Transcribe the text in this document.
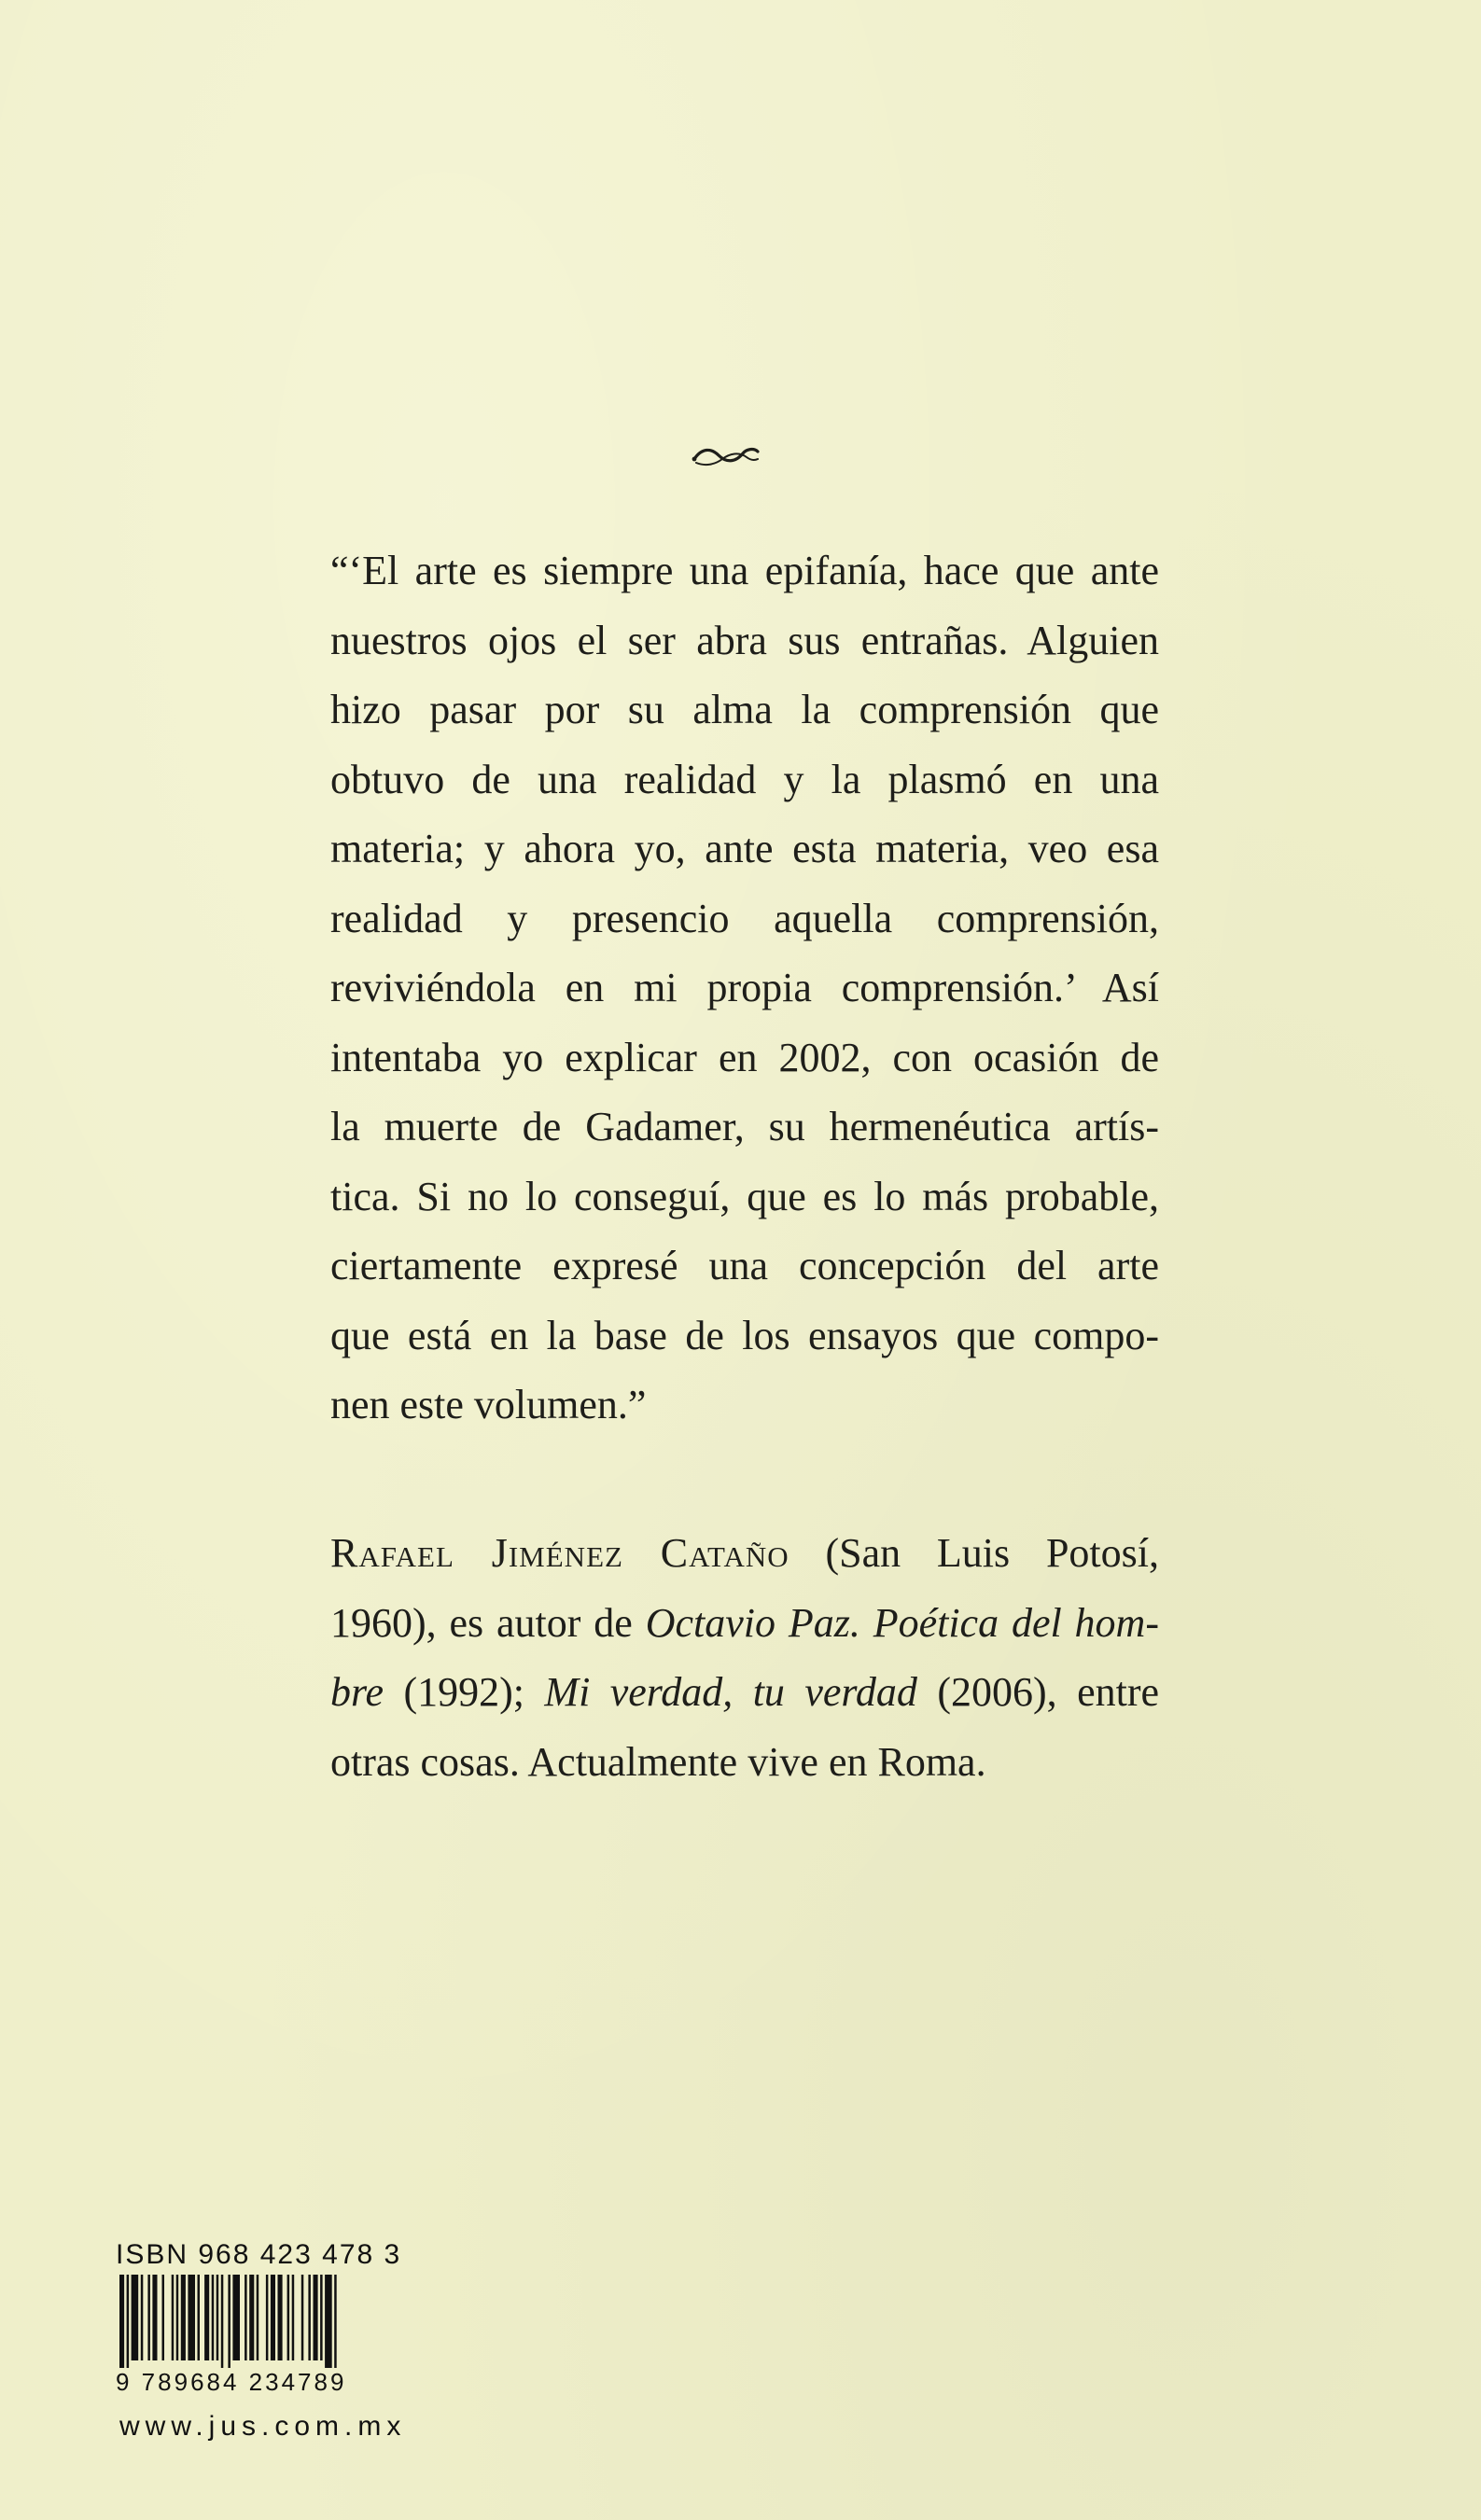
“‘El arte es siempre una epifanía, hace que ante
nuestros ojos el ser abra sus entrañas. Alguien
hizo pasar por su alma la comprensión que
obtuvo de una realidad y la plasmó en una
materia; y ahora yo, ante esta materia, veo esa
realidad y presencio aquella comprensión,
reviviéndola en mi propia comprensión.’ Así
intentaba yo explicar en 2002, con ocasión de
la muerte de Gadamer, su hermenéutica artís-
tica. Si no lo conseguí, que es lo más probable,
ciertamente expresé una concepción del arte
que está en la base de los ensayos que compo-
nen este volumen.”
Rafael Jiménez Cataño (San Luis Potosí,
1960), es autor de Octavio Paz. Poética del hom-
bre (1992); Mi verdad, tu verdad (2006), entre
otras cosas. Actualmente vive en Roma.
ISBN 968 423 478 3
9 789684 234789
www.jus.com.mx
